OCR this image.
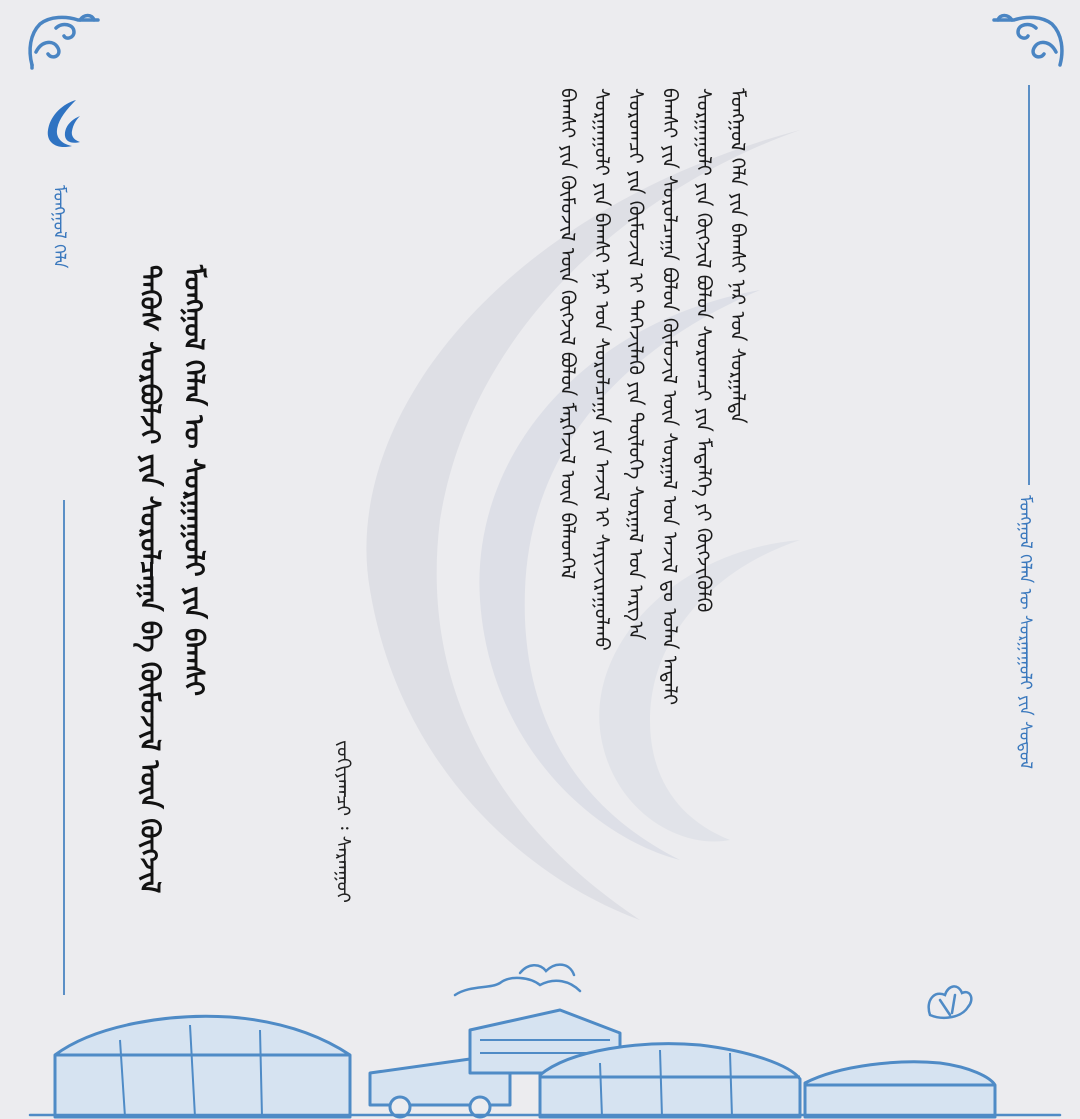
ᠮᠣᠩᠭᠣᠯ ᠬᠡᠯᠡ
ᠮᠣᠩᠭᠣᠯ ᠬᠡᠯᠡᠨ ᠦ ᠰᠤᠷᠭᠠᠭᠤᠯᠢ ᠶᠢᠨ ᠰᠤᠳᠤᠯ
ᠮᠣᠩᠭᠣᠯ ᠬᠡᠯᠡᠨ ᠦ ᠰᠤᠷᠭᠠᠭᠤᠯᠢ ᠶᠢᠨ ᠪᠠᠭᠰᠢ
ᠲᠡᠭᠦᠰ ᠰᠤᠷᠪᠤᠯᠵᠢ ᠶᠢᠨ ᠰᠤᠷᠤᠯᠴᠠᠭᠠ ᠪᠠ ᠬᠦᠮᠦᠵᠢᠯ ᠦᠨ ᠬᠥᠭᠵᠢᠯ	ᠵᠣᠬᠢᠶᠠᠭᠴᠢ ᠄ ᠰᠠᠷᠠᠨᠭᠤᠢ
ᠮᠣᠩᠭᠣᠯ ᠬᠡᠯᠡ ᠶᠢᠨ ᠪᠠᠭᠰᠢ ᠨᠠᠷ ᠤᠨ ᠰᠤᠷᠭᠠᠯᠳᠠ
ᠰᠤᠷᠭᠠᠭᠤᠯᠢ ᠶᠢᠨ ᠬᠥᠭᠵᠢᠯ ᠪᠣᠯᠤᠨ ᠰᠤᠷᠤᠭᠴᠢ ᠶᠢᠨ ᠮᠡᠳᠡᠯᠭᠡ ᠶᠢ ᠬᠥᠭᠵᠢᠭᠦᠯᠬᠦ
ᠪᠠᠭᠰᠢ ᠶᠢᠨ ᠰᠤᠷᠤᠯᠴᠠᠭᠠ ᠪᠣᠯᠤᠨ ᠬᠦᠮᠦᠵᠢᠯ ᠦᠨ ᠰᠤᠷᠭᠠᠯ ᠤᠨ ᠠᠵᠢᠯ ᠳᠤ ᠣᠯᠠᠨ ᠠᠳᠠᠯᠢ
ᠰᠤᠷᠤᠭᠴᠢ ᠶᠢᠨ ᠬᠦᠮᠦᠵᠢᠯ ᠢ ᠳᠡᠭᠡᠵᠢᠯᠡᠬᠦ ᠶᠢᠨ ᠲᠥᠯᠥᠭᠡ ᠰᠤᠷᠭᠠᠯ ᠤᠨ ᠠᠷᠭ᠎ᠠ
ᠰᠤᠷᠭᠠᠭᠤᠯᠢ ᠶᠢᠨ ᠪᠠᠭᠰᠢ ᠨᠠᠷ ᠤᠨ ᠰᠤᠷᠤᠯᠴᠠᠭᠠ ᠶᠢᠨ ᠠᠵᠢᠯ ᠢ ᠰᠠᠶᠢᠵᠢᠷᠠᠭᠤᠯᠬᠤ
ᠪᠠᠭᠰᠢ ᠶᠢᠨ ᠬᠦᠮᠦᠵᠢᠯ ᠦᠨ ᠬᠥᠭᠵᠢᠯ ᠪᠣᠯᠤᠨ ᠮᠡᠷᠭᠡᠵᠢᠯ ᠦᠨ ᠪᠡᠯᠡᠳᠬᠡᠯ
